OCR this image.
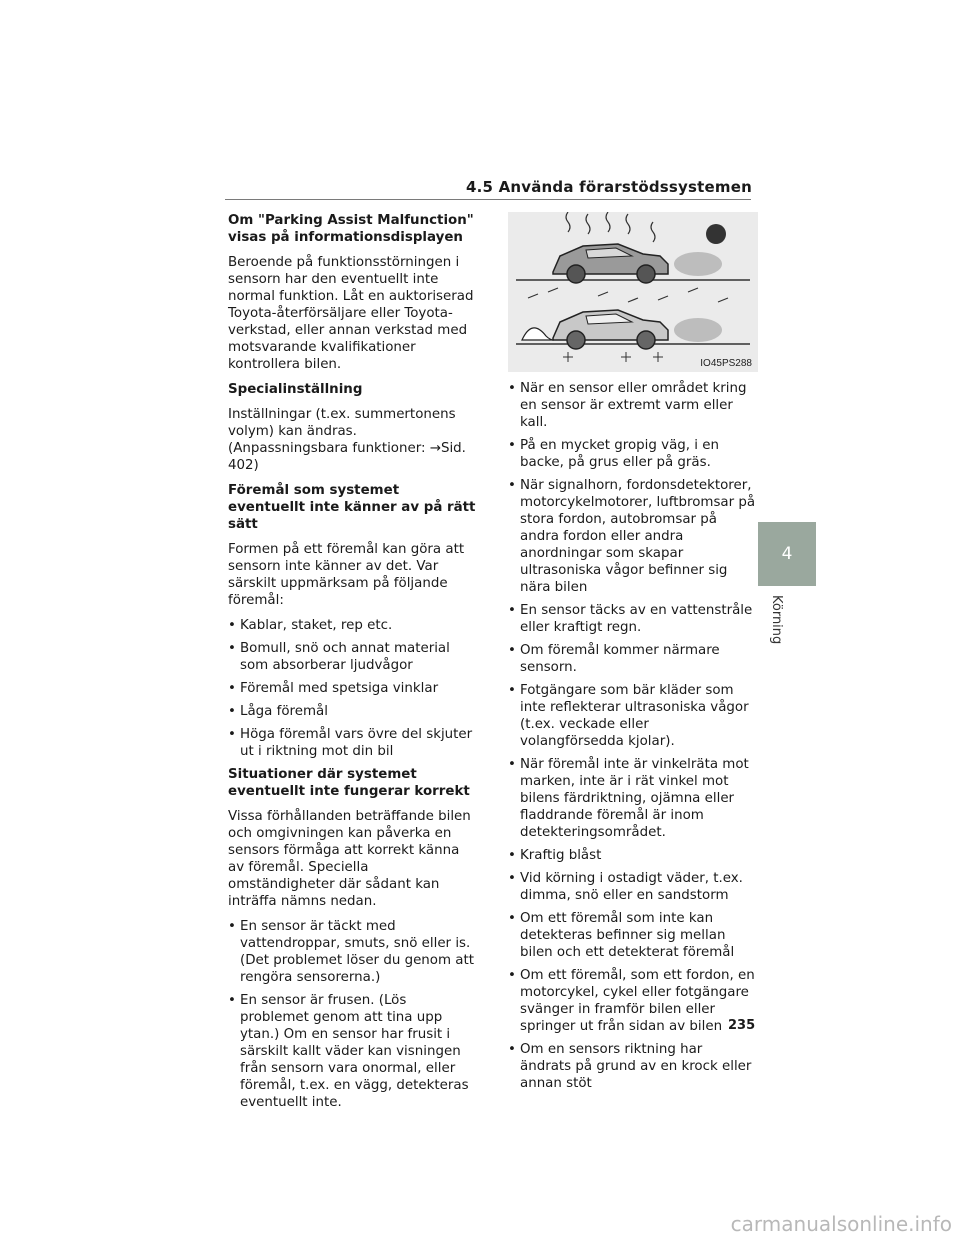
4.5 Använda förarstödssystemen
Om "Parking Assist Malfunction" visas på informationsdisplayen

Beroende på funktionsstörningen i sensorn har den eventuellt inte normal funktion. Låt en auktoriserad Toyota-återförsäljare eller Toyota-verkstad, eller annan verkstad med motsvarande kvalifikationer kontrollera bilen.

Specialinställning

Inställningar (t.ex. summertonens volym) kan ändras. (Anpassningsbara funktioner: →Sid. 402)

Föremål som systemet eventuellt inte känner av på rätt sätt

Formen på ett föremål kan göra att sensorn inte känner av det. Var särskilt uppmärksam på följande föremål:

• Kablar, staket, rep etc.
• Bomull, snö och annat material som absorberar ljudvågor
• Föremål med spetsiga vinklar
• Låga föremål
• Höga föremål vars övre del skjuter ut i riktning mot din bil
Situationer där systemet eventuellt inte fungerar korrekt

Vissa förhållanden beträffande bilen och omgivningen kan påverka en sensors förmåga att korrekt känna av föremål. Speciella omständigheter där sådant kan inträffa nämns nedan.

• En sensor är täckt med vattendroppar, smuts, snö eller is. (Det problemet löser du genom att rengöra sensorerna.)
• En sensor är frusen. (Lös problemet genom att tina upp ytan.) Om en sensor har frusit i särskilt kallt väder kan visningen från sensorn vara onormal, eller föremål, t.ex. en vägg, detekteras eventuellt inte.
IO45PS288
• När en sensor eller området kring en sensor är extremt varm eller kall.
• På en mycket gropig väg, i en backe, på grus eller på gräs.
• När signalhorn, fordonsdetektorer, motorcykelmotorer, luftbromsar på stora fordon, autobromsar på andra fordon eller andra anordningar som skapar ultrasoniska vågor befinner sig nära bilen
• En sensor täcks av en vattenstråle eller kraftigt regn.
• Om föremål kommer närmare sensorn.
• Fotgängare som bär kläder som inte reflekterar ultrasoniska vågor (t.ex. veckade eller volangförsedda kjolar).
• När föremål inte är vinkelräta mot marken, inte är i rät vinkel mot bilens färdriktning, ojämna eller fladdrande föremål är inom detekteringsområdet.
• Kraftig blåst
• Vid körning i ostadigt väder, t.ex. dimma, snö eller en sandstorm
• Om ett föremål som inte kan detekteras befinner sig mellan bilen och ett detekterat föremål
• Om ett föremål, som ett fordon, en motorcykel, cykel eller fotgängare svänger in framför bilen eller springer ut från sidan av bilen
• Om en sensors riktning har ändrats på grund av en krock eller annan stöt
4
Körning
235
carmanualsonline.info
